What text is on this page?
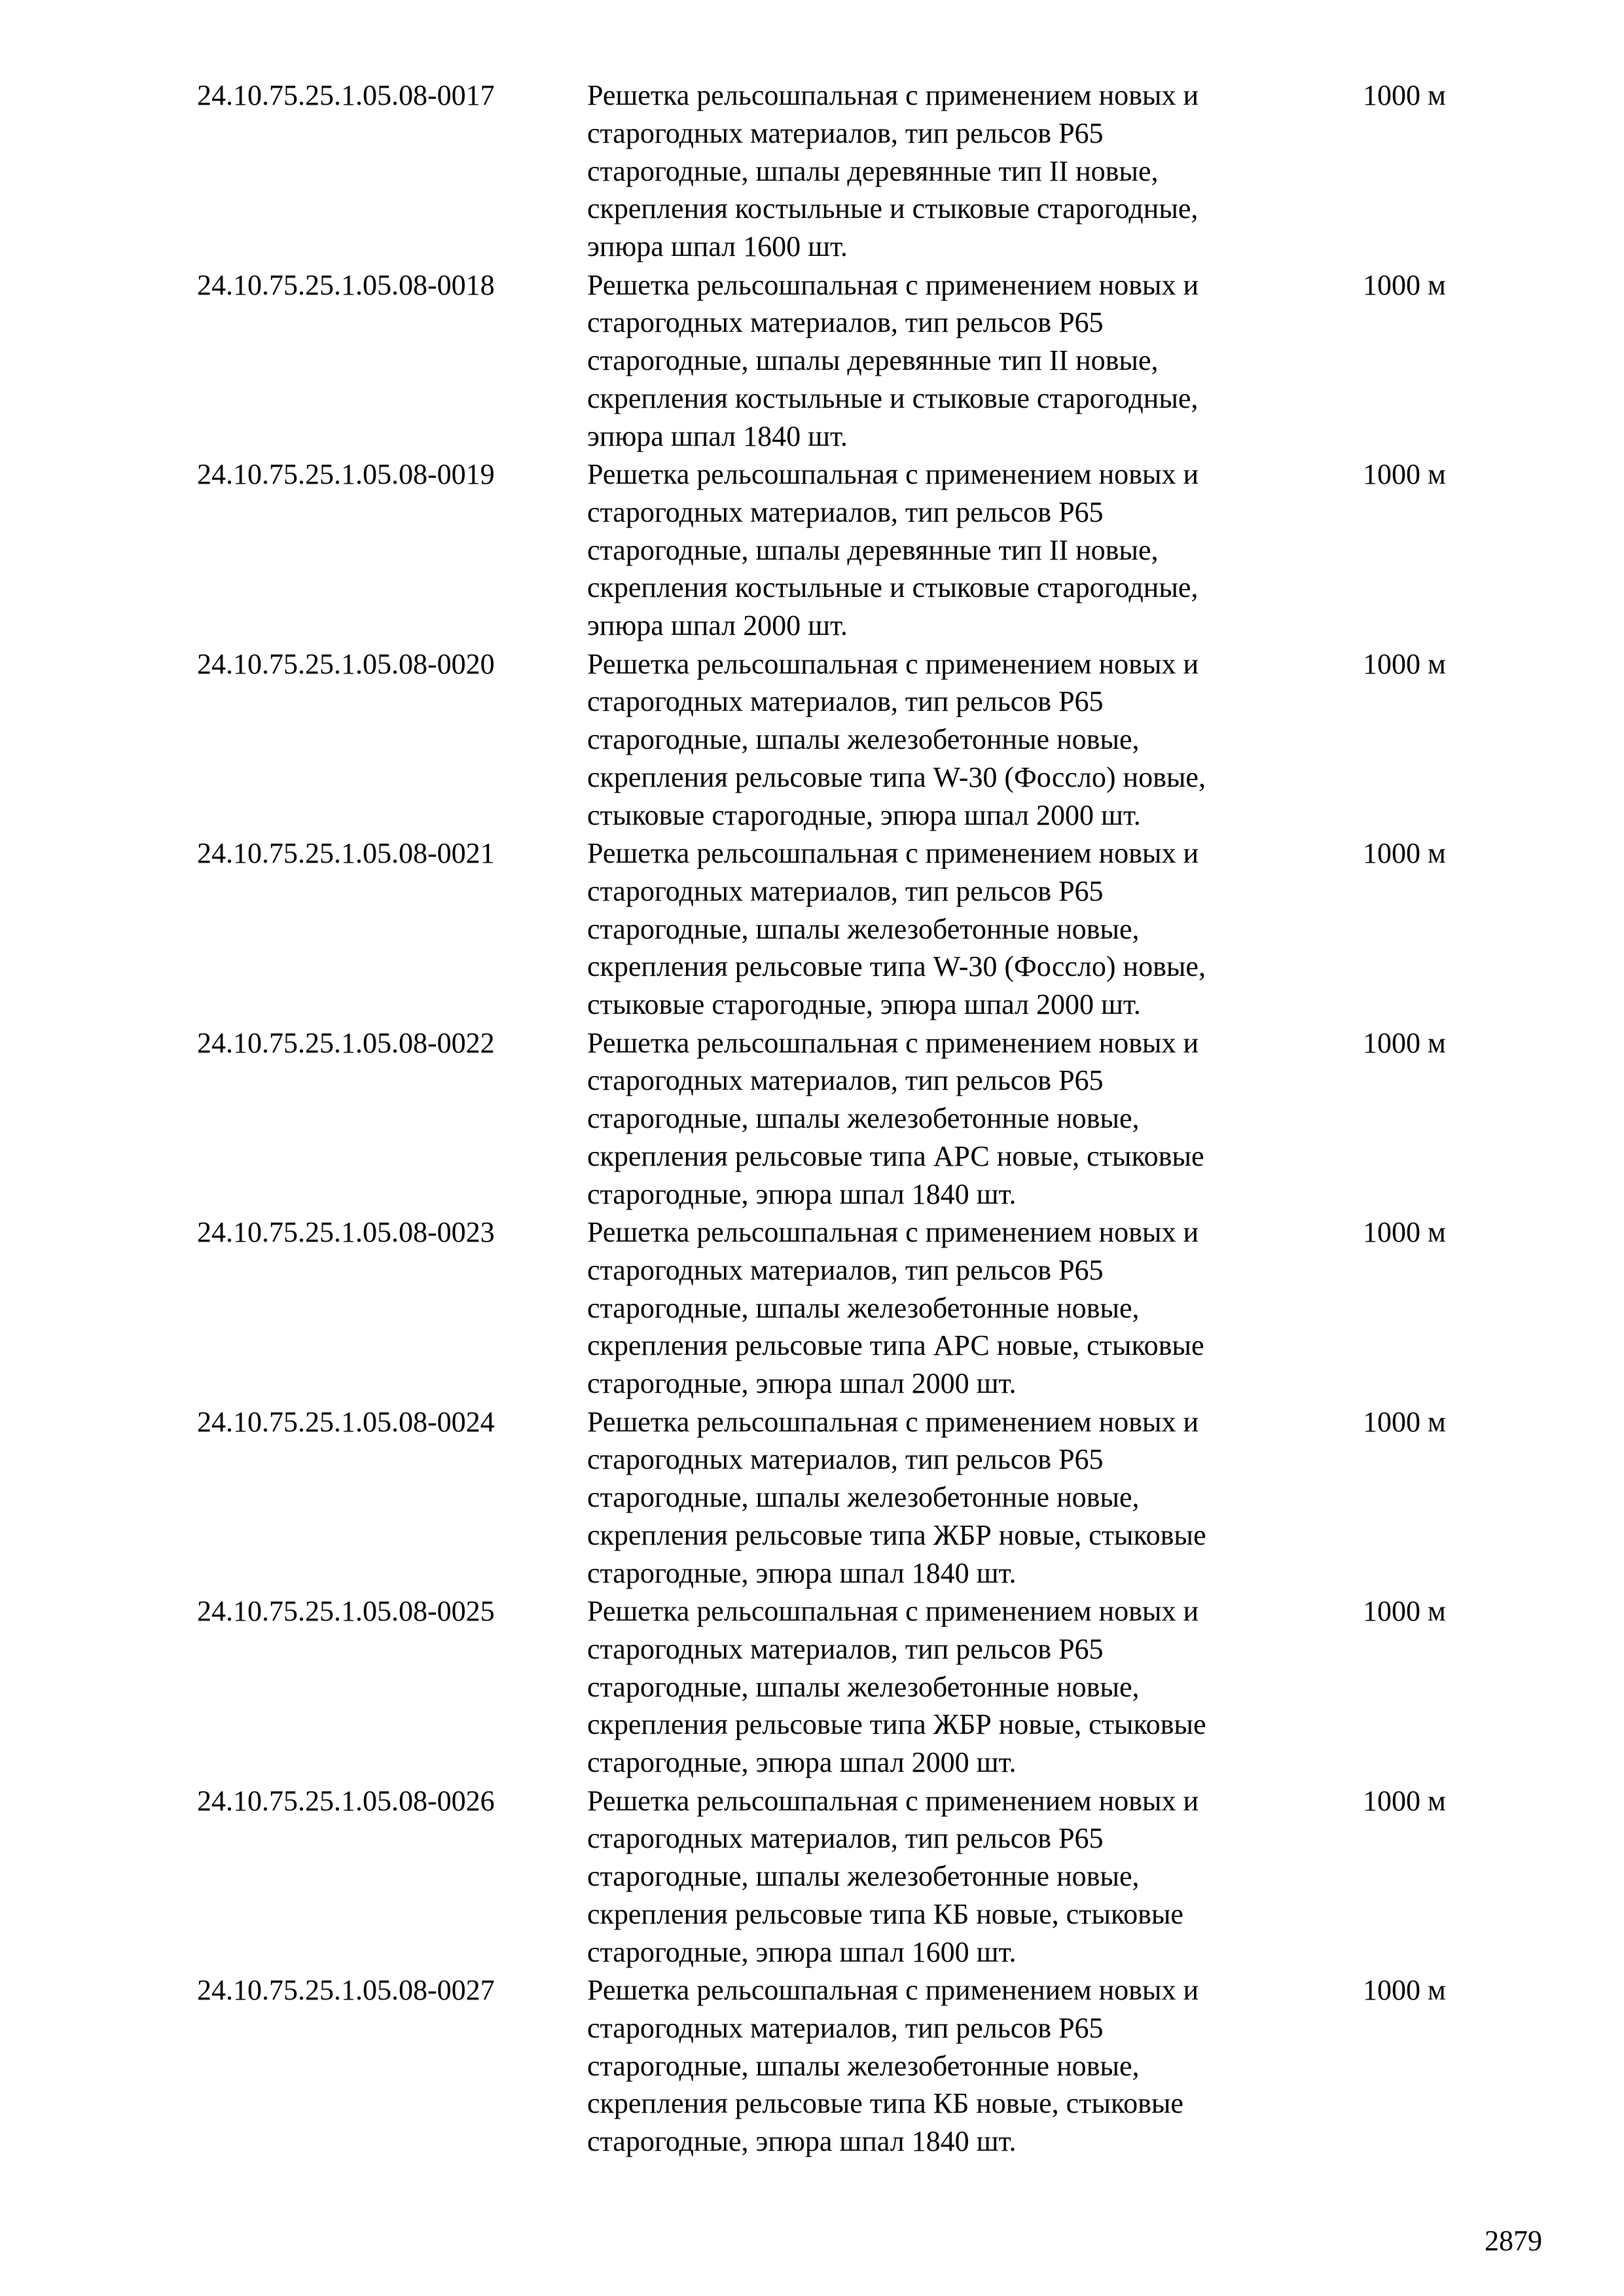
24.10.75.25.1.05.08-0017	Решетка рельсошпальная с применением новых и
старогодных материалов, тип рельсов Р65
старогодные, шпалы деревянные тип II новые,
скрепления костыльные и стыковые старогодные,
эпюра шпал 1600 шт.
1000 м
24.10.75.25.1.05.08-0018	Решетка рельсошпальная с применением новых и
старогодных материалов, тип рельсов Р65
старогодные, шпалы деревянные тип II новые,
скрепления костыльные и стыковые старогодные,
эпюра шпал 1840 шт.
1000 м
24.10.75.25.1.05.08-0019	Решетка рельсошпальная с применением новых и
старогодных материалов, тип рельсов Р65
старогодные, шпалы деревянные тип II новые,
скрепления костыльные и стыковые старогодные,
эпюра шпал 2000 шт.
1000 м
24.10.75.25.1.05.08-0020	Решетка рельсошпальная с применением новых и
старогодных материалов, тип рельсов Р65
старогодные, шпалы железобетонные новые,
скрепления рельсовые типа W-30 (Фоссло) новые,
стыковые старогодные, эпюра шпал 2000 шт.
1000 м
24.10.75.25.1.05.08-0021	Решетка рельсошпальная с применением новых и
старогодных материалов, тип рельсов Р65
старогодные, шпалы железобетонные новые,
скрепления рельсовые типа W-30 (Фоссло) новые,
стыковые старогодные, эпюра шпал 2000 шт.
1000 м
24.10.75.25.1.05.08-0022	Решетка рельсошпальная с применением новых и
старогодных материалов, тип рельсов Р65
старогодные, шпалы железобетонные новые,
скрепления рельсовые типа АРС новые, стыковые
старогодные, эпюра шпал 1840 шт.
1000 м
24.10.75.25.1.05.08-0023	Решетка рельсошпальная с применением новых и
старогодных материалов, тип рельсов Р65
старогодные, шпалы железобетонные новые,
скрепления рельсовые типа АРС новые, стыковые
старогодные, эпюра шпал 2000 шт.
1000 м
24.10.75.25.1.05.08-0024	Решетка рельсошпальная с применением новых и
старогодных материалов, тип рельсов Р65
старогодные, шпалы железобетонные новые,
скрепления рельсовые типа ЖБР новые, стыковые
старогодные, эпюра шпал 1840 шт.
1000 м
24.10.75.25.1.05.08-0025	Решетка рельсошпальная с применением новых и
старогодных материалов, тип рельсов Р65
старогодные, шпалы железобетонные новые,
скрепления рельсовые типа ЖБР новые, стыковые
старогодные, эпюра шпал 2000 шт.
1000 м
24.10.75.25.1.05.08-0026	Решетка рельсошпальная с применением новых и
старогодных материалов, тип рельсов Р65
старогодные, шпалы железобетонные новые,
скрепления рельсовые типа КБ новые, стыковые
старогодные, эпюра шпал 1600 шт.
1000 м
24.10.75.25.1.05.08-0027	Решетка рельсошпальная с применением новых и
старогодных материалов, тип рельсов Р65
старогодные, шпалы железобетонные новые,
скрепления рельсовые типа КБ новые, стыковые
старогодные, эпюра шпал 1840 шт.
1000 м
2879
